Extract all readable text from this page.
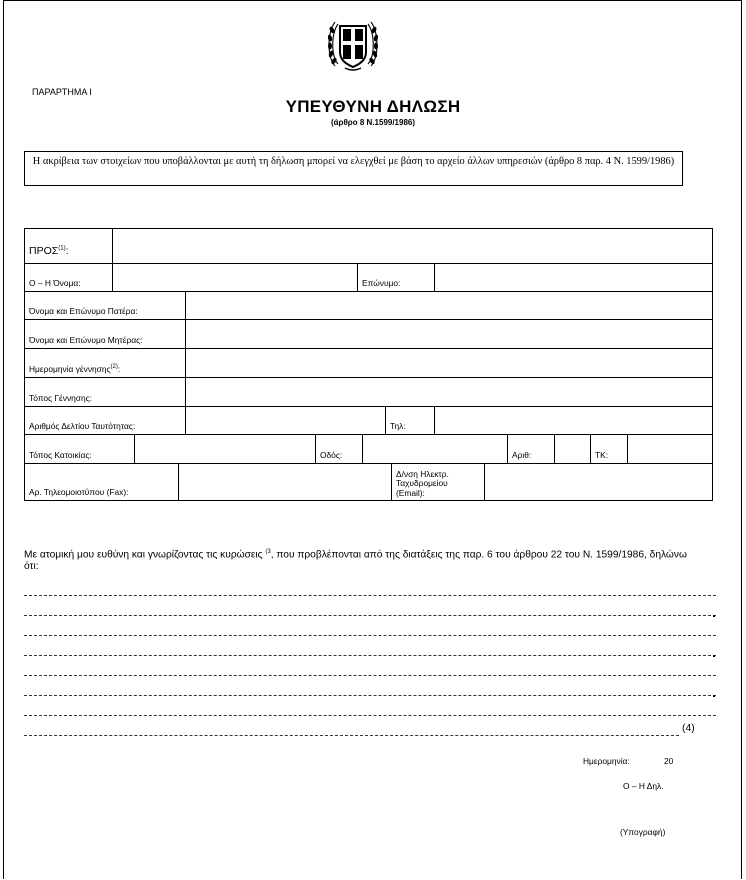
ΠΑΡΑΡΤΗΜΑ Ι
ΥΠΕΥΘΥΝΗ ΔΗΛΩΣΗ
(άρθρο 8 Ν.1599/1986)
Η ακρίβεια των στοιχείων που υποβάλλονται με αυτή τη δήλωση μπορεί να ελεγχθεί με βάση το αρχείο άλλων υπηρεσιών (άρθρο 8 παρ. 4 Ν. 1599/1986)
ΠΡΟΣ$^{(1)}$:
Ο – Η Όνομα:	Επώνυμο:
Όνομα και Επώνυμο Πατέρα:
Όνομα και Επώνυμο Μητέρας:
Ημερομηνία γέννησης$^{(2)}$:
Τόπος Γέννησης:
Αριθμός Δελτίου Ταυτότητας:	Τηλ:
Τόπος Κατοικίας:	Οδός:	Αριθ:	ΤΚ:
Αρ. Τηλεομοιοτύπου (Fax):
Δ/νση Ηλεκτρ.
Ταχυδρομείου
(Email):
Με ατομική μου ευθύνη και γνωρίζοντας τις κυρώσεις $^{(3}$, που προβλέπονται από της διατάξεις της παρ. 6 του άρθρου 22 του Ν. 1599/1986, δηλώνω ότι:
(4)
Ημερομηνία:	20
Ο – Η Δηλ.
(Υπογραφή)
